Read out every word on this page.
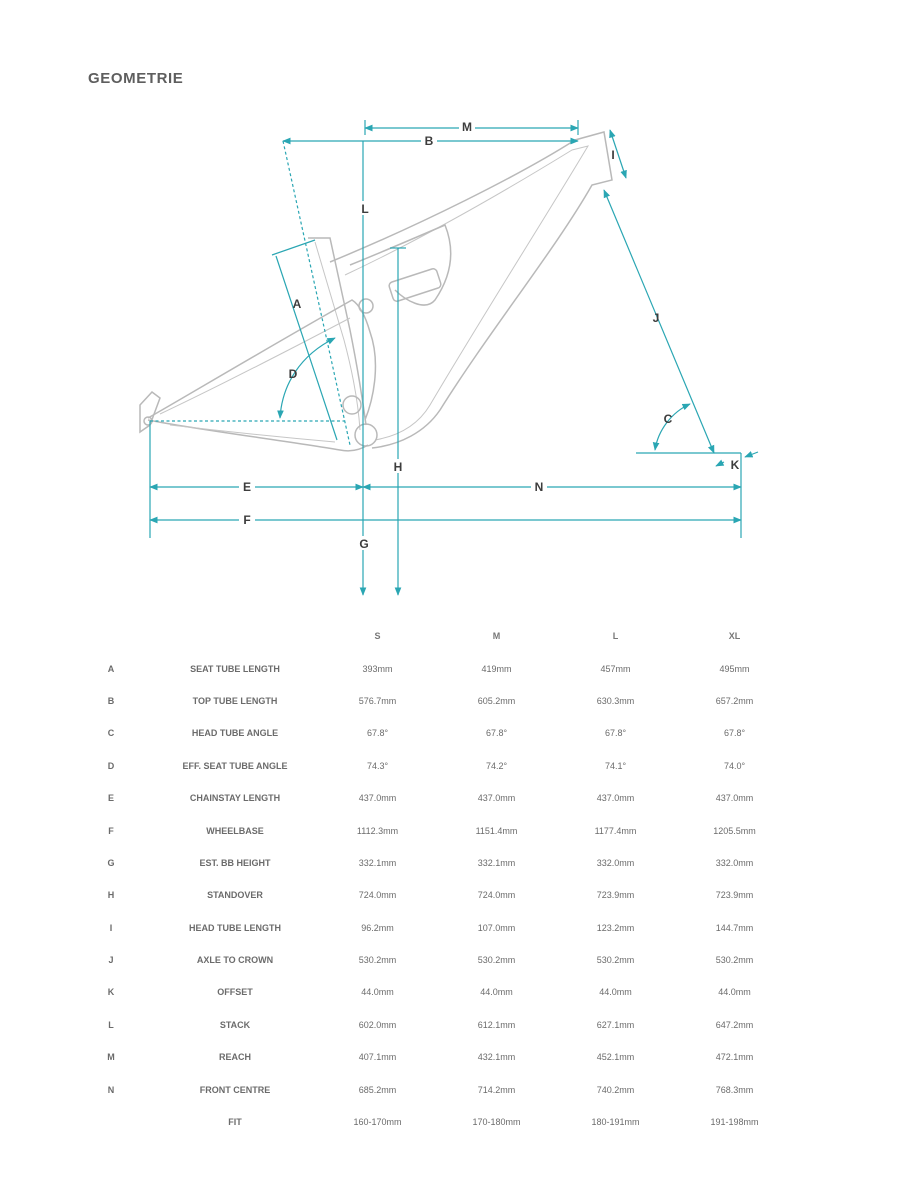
GEOMETRIE
M
B
I
L
A
J
D
C
H	K
E	N
F
G
		S	M	L	XL
A	SEAT TUBE LENGTH	393mm	419mm	457mm	495mm
B	TOP TUBE LENGTH	576.7mm	605.2mm	630.3mm	657.2mm
C	HEAD TUBE ANGLE	67.8°	67.8°	67.8°	67.8°
D	EFF. SEAT TUBE ANGLE	74.3°	74.2°	74.1°	74.0°
E	CHAINSTAY LENGTH	437.0mm	437.0mm	437.0mm	437.0mm
F	WHEELBASE	1112.3mm	1151.4mm	1177.4mm	1205.5mm
G	EST. BB HEIGHT	332.1mm	332.1mm	332.0mm	332.0mm
H	STANDOVER	724.0mm	724.0mm	723.9mm	723.9mm
I	HEAD TUBE LENGTH	96.2mm	107.0mm	123.2mm	144.7mm
J	AXLE TO CROWN	530.2mm	530.2mm	530.2mm	530.2mm
K	OFFSET	44.0mm	44.0mm	44.0mm	44.0mm
L	STACK	602.0mm	612.1mm	627.1mm	647.2mm
M	REACH	407.1mm	432.1mm	452.1mm	472.1mm
N	FRONT CENTRE	685.2mm	714.2mm	740.2mm	768.3mm
	FIT	160-170mm	170-180mm	180-191mm	191-198mm
